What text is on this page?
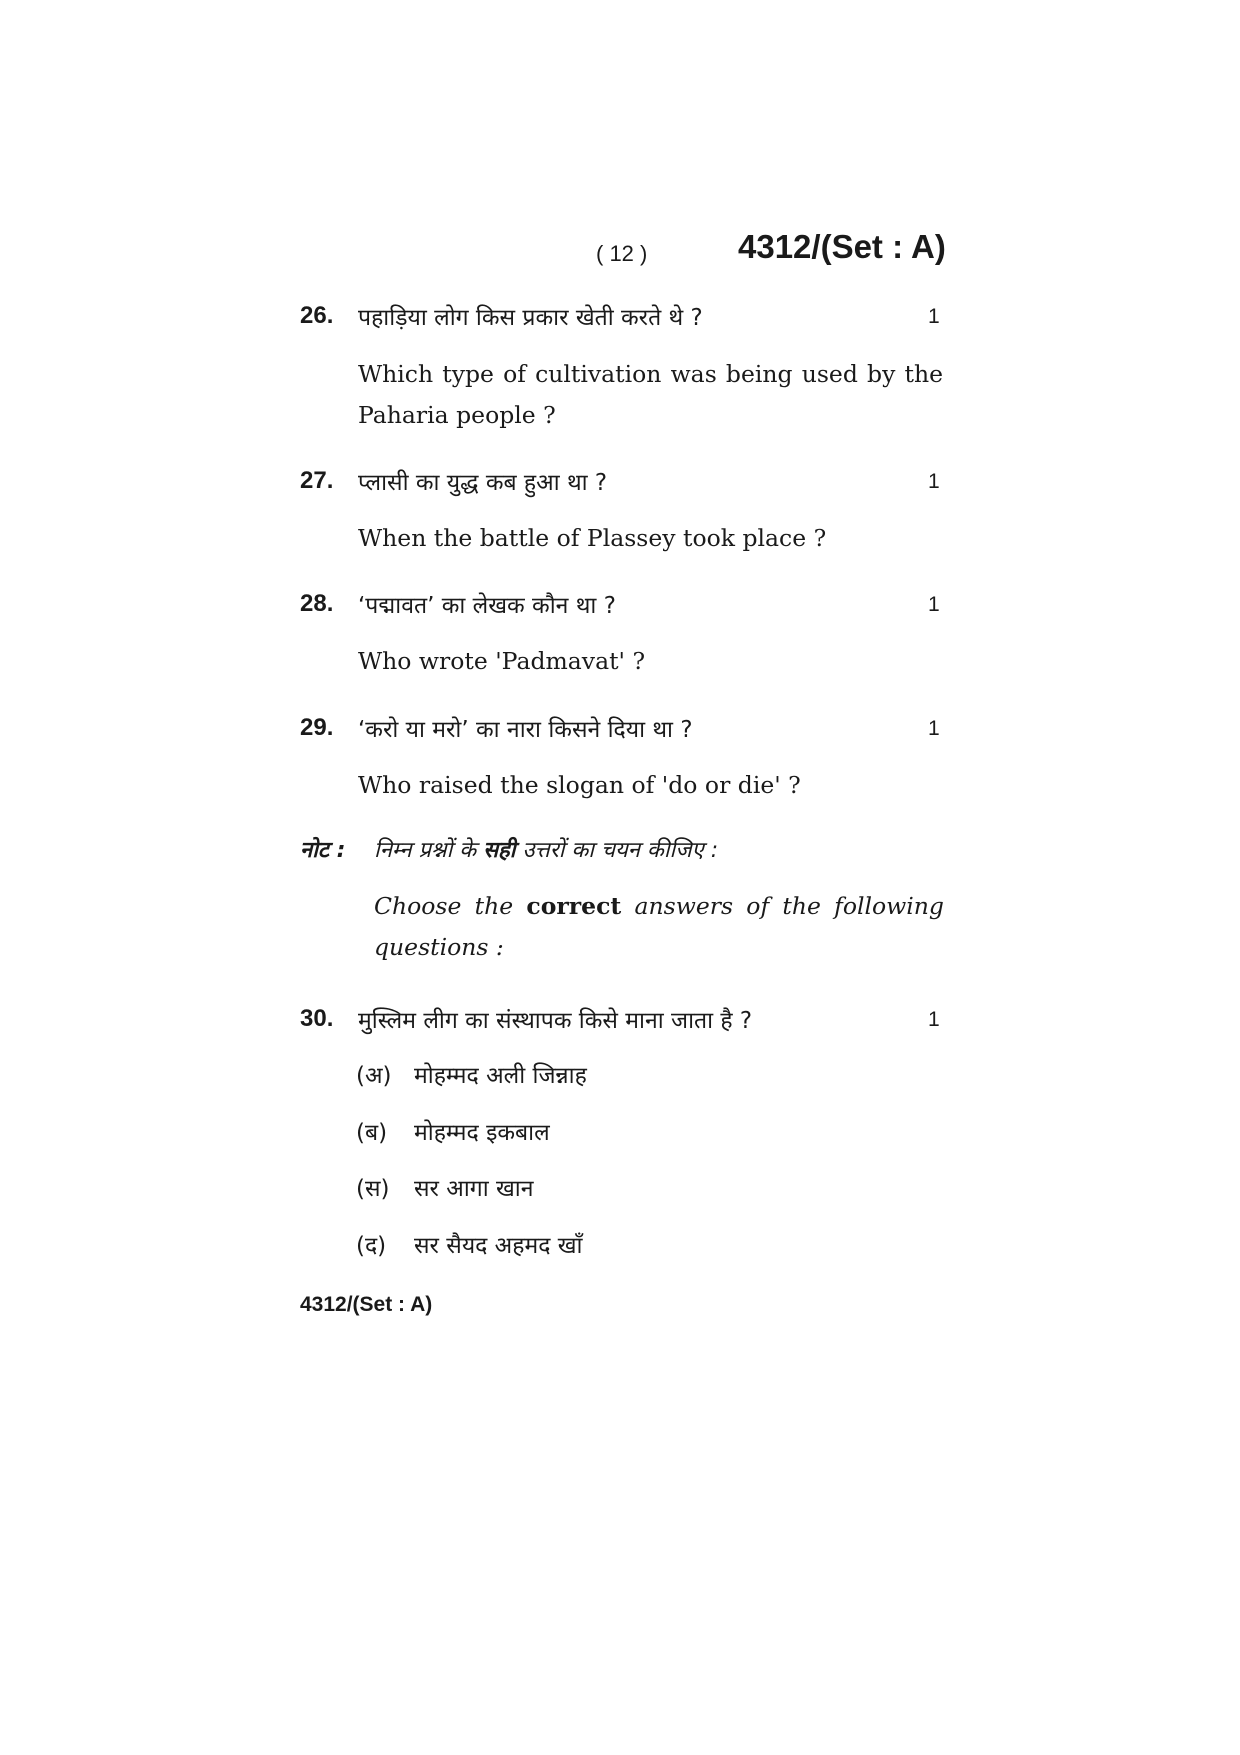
( 12 )	4312/(Set : A)
26. पहाड़िया लोग किस प्रकार खेती करते थे ?	1
Which type of cultivation was being used by the Paharia people ?
27. प्लासी का युद्ध कब हुआ था ?	1
When the battle of Plassey took place ?
28. ‘पद्मावत’ का लेखक कौन था ?	1
Who wrote 'Padmavat' ?
29. ‘करो या मरो’ का नारा किसने दिया था ?	1
Who raised the slogan of 'do or die' ?
नोट : निम्न प्रश्नों के सही उत्तरों का चयन कीजिए :
Choose the correct answers of the following questions :
30. मुस्लिम लीग का संस्थापक किसे माना जाता है ?	1
(अ) मोहम्मद अली जिन्नाह
(ब) मोहम्मद इकबाल
(स) सर आगा खान
(द) सर सैयद अहमद खाँ
4312/(Set : A)
